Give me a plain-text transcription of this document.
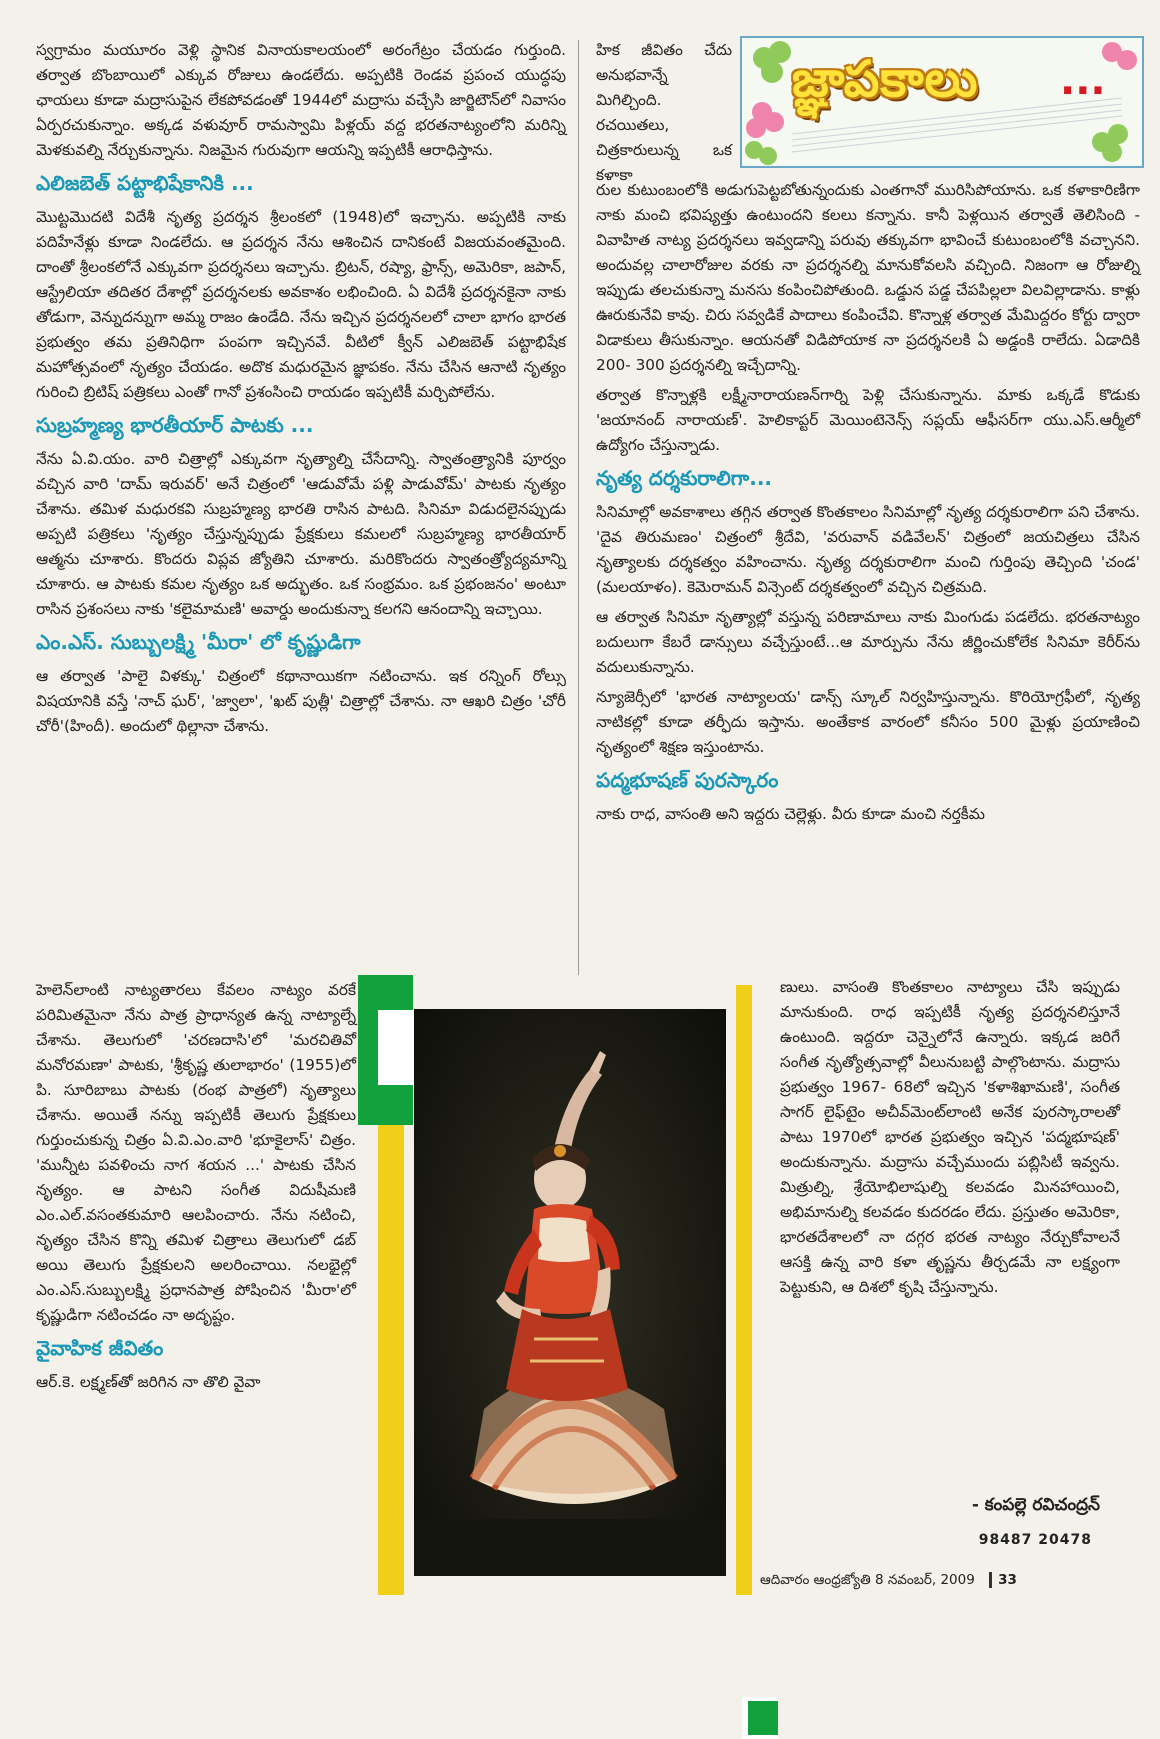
స్వగ్రామం మయూరం వెళ్లి స్థానిక వినాయకాలయంలో అరంగేట్రం చేయడం గుర్తుంది. తర్వాత బొంబాయిలో ఎక్కువ రోజులు ఉండలేదు. అప్పటికి రెండవ ప్రపంచ యుద్ధపు ఛాయలు కూడా మద్రాసుపైన లేకపోవడంతో 1944లో మద్రాసు వచ్చేసి జార్జిటౌన్‌లో నివాసం ఏర్పరచుకున్నాం. అక్కడ వళువూర్ రామస్వామి పిళ్లయ్ వద్ద భరతనాట్యంలోని మరిన్ని మెళకువల్ని నేర్చుకున్నాను. నిజమైన గురువుగా ఆయన్ని ఇప్పటికీ ఆరాధిస్తాను.

ఎలిజబెత్ పట్టాభిషేకానికి ...

మొట్టమొదటి విదేశీ నృత్య ప్రదర్శన శ్రీలంకలో (1948)లో ఇచ్చాను. అప్పటికి నాకు పదిహేనేళ్లు కూడా నిండలేదు. ఆ ప్రదర్శన నేను ఆశించిన దానికంటే విజయవంతమైంది. దాంతో శ్రీలంకలోనే ఎక్కువగా ప్రదర్శనలు ఇచ్చాను. బ్రిటన్, రష్యా, ఫ్రాన్స్, అమెరికా, జపాన్, ఆస్ట్రేలియా తదితర దేశాల్లో ప్రదర్శనలకు అవకాశం లభించింది. ఏ విదేశీ ప్రదర్శనకైనా నాకు తోడుగా, వెన్నుదన్నుగా అమ్మ రాజం ఉండేది. నేను ఇచ్చిన ప్రదర్శనలలో చాలా భాగం భారత ప్రభుత్వం తమ ప్రతినిధిగా పంపగా ఇచ్చినవే. వీటిలో క్వీన్ ఎలిజబెత్ పట్టాభిషేక మహోత్సవంలో నృత్యం చేయడం. అదొక మధురమైన జ్ఞాపకం. నేను చేసిన ఆనాటి నృత్యం గురించి బ్రిటిష్ పత్రికలు ఎంతో గానో ప్రశంసించి రాయడం ఇప్పటికీ మర్చిపోలేను.

సుబ్రహ్మణ్య భారతీయార్ పాటకు ...

నేను ఏ.వి.యం. వారి చిత్రాల్లో ఎక్కువగా నృత్యాల్ని చేసేదాన్ని. స్వాతంత్ర్యానికి పూర్వం వచ్చిన వారి 'దామ్ ఇరువర్' అనే చిత్రంలో 'ఆడువోమే పళ్లి పాడువోమ్' పాటకు నృత్యం చేశాను. తమిళ మధురకవి సుబ్రహ్మణ్య భారతి రాసిన పాటది. సినిమా విడుదలైనప్పుడు అప్పటి పత్రికలు 'నృత్యం చేస్తున్నప్పుడు ప్రేక్షకులు కమలలో సుబ్రహ్మణ్య భారతీయార్ ఆత్మను చూశారు. కొందరు విప్లవ జ్యోతిని చూశారు. మరికొందరు స్వాతంత్ర్యోద్యమాన్ని చూశారు. ఆ పాటకు కమల నృత్యం ఒక అద్భుతం. ఒక సంభ్రమం. ఒక ప్రభంజనం' అంటూ రాసిన ప్రశంసలు నాకు 'కలైమామణి' అవార్డు అందుకున్నా కలగని ఆనందాన్ని ఇచ్చాయి.

ఎం.ఎస్. సుబ్బులక్ష్మి 'మీరా' లో కృష్ణుడిగా

ఆ తర్వాత 'పాలై విళక్కు' చిత్రంలో కథానాయికగా నటించాను. ఇక రన్నింగ్ రోల్సు విషయానికి వస్తే 'నాచ్ ఘర్', 'జ్వాలా', 'ఖట్ పుత్లీ' చిత్రాల్లో చేశాను. నా ఆఖరి చిత్రం 'చోరీ చోరీ'(హిందీ). అందులో థిల్లానా చేశాను.

హెలెన్‌లాంటి నాట్యతారలు కేవలం నాట్యం వరకే పరిమితమైనా నేను పాత్ర ప్రాధాన్యత ఉన్న నాట్యాల్నే చేశాను. తెలుగులో 'చరణదాసి'లో 'మరచితివో మనోరమణా' పాటకు, 'శ్రీకృష్ణ తులాభారం' (1955)లో పి. సూరిబాబు పాటకు (రంభ పాత్రలో) నృత్యాలు చేశాను. అయితే నన్ను ఇప్పటికీ తెలుగు ప్రేక్షకులు గుర్తుంచుకున్న చిత్రం ఏ.వి.ఎం.వారి 'భూకైలాస్' చిత్రం. 'మున్నీట పవళించు నాగ శయన ...' పాటకు చేసిన నృత్యం. ఆ పాటని సంగీత విదుషీమణి ఎం.ఎల్.వసంతకుమారి ఆలపించారు. నేను నటించి, నృత్యం చేసిన కొన్ని తమిళ చిత్రాలు తెలుగులో డబ్ అయి తెలుగు ప్రేక్షకులని అలరించాయి. నలభైల్లో ఎం.ఎస్.సుబ్బులక్ష్మి ప్రధానపాత్ర పోషించిన 'మీరా'లో కృష్ణుడిగా నటించడం నా అదృష్టం.

వైవాహిక జీవితం

ఆర్.కె. లక్ష్మణ్‌తో జరిగిన నా తొలి వైవా

జ్ఞాపకాలు ...

హిక జీవితం చేదు అనుభవాన్నే మిగిల్చింది. రచయితలు, చిత్రకారులున్న ఒక కళాకా

రుల కుటుంబంలోకి అడుగుపెట్టబోతున్నందుకు ఎంతగానో మురిసిపోయాను. ఒక కళాకారిణిగా నాకు మంచి భవిష్యత్తు ఉంటుందని కలలు కన్నాను. కానీ పెళ్లయిన తర్వాతే తెలిసింది - వివాహిత నాట్య ప్రదర్శనలు ఇవ్వడాన్ని పరువు తక్కువగా భావించే కుటుంబంలోకి వచ్చానని. అందువల్ల చాలారోజుల వరకు నా ప్రదర్శనల్ని మానుకోవలసి వచ్చింది. నిజంగా ఆ రోజుల్ని ఇప్పుడు తలచుకున్నా మనసు కంపించిపోతుంది. ఒడ్డున పడ్డ చేపపిల్లలా విలవిల్లాడాను. కాళ్లు ఊరుకునేవి కావు. చిరు సవ్వడికే పాదాలు కంపించేవి. కొన్నాళ్ల తర్వాత మేమిద్దరం కోర్టు ద్వారా విడాకులు తీసుకున్నాం. ఆయనతో విడిపోయాక నా ప్రదర్శనలకి ఏ అడ్డంకి రాలేదు. ఏడాదికి 200- 300 ప్రదర్శనల్ని ఇచ్చేదాన్ని.

తర్వాత కొన్నాళ్లకి లక్ష్మీనారాయణన్‌గార్ని పెళ్లి చేసుకున్నాను. మాకు ఒక్కడే కొడుకు 'జయానంద్ నారాయణ్'. హెలికాప్టర్ మెయింటెనెన్స్ సప్లయ్ ఆఫీసర్‌గా యు.ఎస్.ఆర్మీలో ఉద్యోగం చేస్తున్నాడు.

నృత్య దర్శకురాలిగా...

సినిమాల్లో అవకాశాలు తగ్గిన తర్వాత కొంతకాలం సినిమాల్లో నృత్య దర్శకురాలిగా పని చేశాను. 'దైవ తిరుమణం' చిత్రంలో శ్రీదేవి, 'వరువాన్ వడివేలన్' చిత్రంలో జయచిత్రలు చేసిన నృత్యాలకు దర్శకత్వం వహించాను. నృత్య దర్శకురాలిగా మంచి గుర్తింపు తెచ్చింది 'చండ' (మలయాళం). కెమెరామన్ విన్సెంట్ దర్శకత్వంలో వచ్చిన చిత్రమది.

ఆ తర్వాత సినిమా నృత్యాల్లో వస్తున్న పరిణామాలు నాకు మింగుడు పడలేదు. భరతనాట్యం బదులుగా కేబరే డాన్సులు వచ్చేస్తుంటే...ఆ మార్పును నేను జీర్ణించుకోలేక సినిమా కెరీర్‌ను వదులుకున్నాను.

న్యూజెర్సీలో 'భారత నాట్యాలయ' డాన్స్ స్కూల్ నిర్వహిస్తున్నాను. కొరియోగ్రఫీలో, నృత్య నాటికల్లో కూడా తర్ఫీదు ఇస్తాను. అంతేకాక వారంలో కనీసం 500 మైళ్లు ప్రయాణించి నృత్యంలో శిక్షణ ఇస్తుంటాను.

పద్మభూషణ్ పురస్కారం

నాకు రాధ, వాసంతి అని ఇద్దరు చెల్లెళ్లు. వీరు కూడా మంచి నర్తకీమ

ణులు. వాసంతి కొంతకాలం నాట్యాలు చేసి ఇప్పుడు మానుకుంది. రాధ ఇప్పటికీ నృత్య ప్రదర్శనలిస్తూనే ఉంటుంది. ఇద్దరూ చెన్నైలోనే ఉన్నారు. ఇక్కడ జరిగే సంగీత నృత్యోత్సవాల్లో వీలునుబట్టి పాల్గొంటాను. మద్రాసు ప్రభుత్వం 1967- 68లో ఇచ్చిన 'కళాశిఖామణి', సంగీత సాగర్ లైఫ్‌టైం అచీవ్‌మెంట్‌లాంటి అనేక పురస్కారాలతో పాటు 1970లో భారత ప్రభుత్వం ఇచ్చిన 'పద్మభూషణ్' అందుకున్నాను. మద్రాసు వచ్చేముందు పబ్లిసిటీ ఇవ్వను. మిత్రుల్ని, శ్రేయోభిలాషుల్ని కలవడం మినహాయించి, అభిమానుల్ని కలవడం కుదరడం లేదు. ప్రస్తుతం అమెరికా, భారతదేశాలలో నా దగ్గర భరత నాట్యం నేర్చుకోవాలనే ఆసక్తి ఉన్న వారి కళా తృష్ణను తీర్చడమే నా లక్ష్యంగా పెట్టుకుని, ఆ దిశలో కృషి చేస్తున్నాను.

- కంపల్లె రవిచంద్రన్
98487 20478
ఆదివారం ఆంధ్రజ్యోతి 8 నవంబర్, 2009 33
